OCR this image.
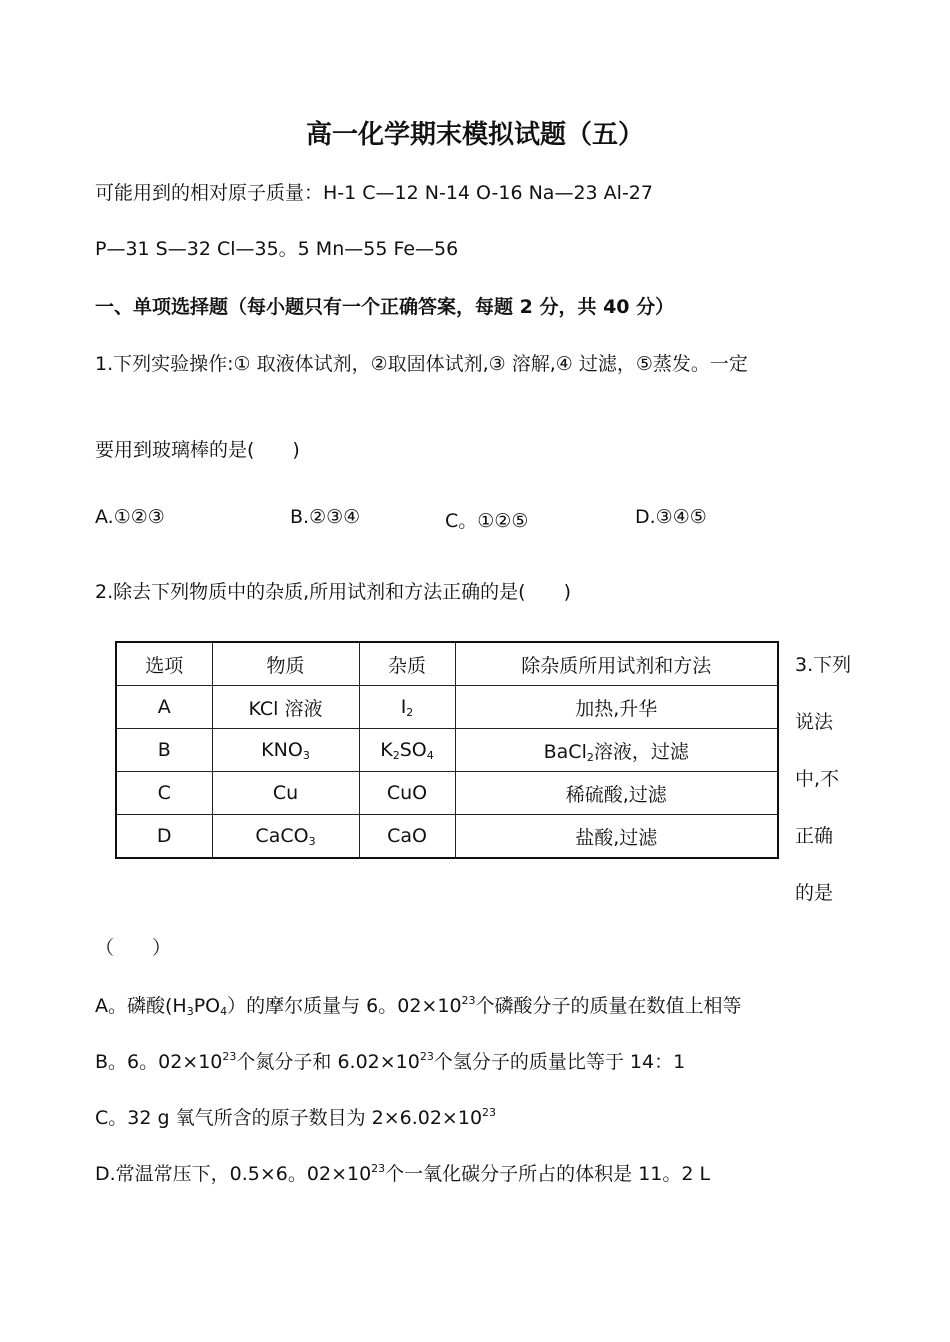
高一化学期末模拟试题（五）
可能用到的相对原子质量：H-1 C—12 N-14 O-16 Na—23 Al-27
P—31 S—32 Cl—35。5 Mn—55 Fe—56
一、单项选择题（每小题只有一个正确答案，每题 2 分，共 40 分）
1.下列实验操作:① 取液体试剂，②取固体试剂,③ 溶解,④ 过滤，⑤蒸发。一定
要用到玻璃棒的是(　　)
A.①②③	B.②③④	C。①②⑤	D.③④⑤
2.除去下列物质中的杂质,所用试剂和方法正确的是(　　)
选项	物质	杂质	除杂质所用试剂和方法
A	KCl 溶液	$I_2$	加热,升华
B	$KNO_3$	$K_2SO_4$	BaCl$_2$溶液，过滤
C	Cu	CuO	稀硫酸,过滤
D	CaCO$_3$	CaO	盐酸,过滤
3.下列
说法
中,不
正确
的是
（　　）
A。磷酸$(H_3PO_4)$的摩尔质量与 6。$02\times 10^{23}$个磷酸分子的质量在数值上相等
B。6。$02\times 10^{23}$个氮分子和 $6.02\times 10^{23}$个氢分子的质量比等于 14：1
C。32 g 氧气所含的原子数目为 $2\times 6.02\times 10^{23}$
D.常温常压下，0.5×6。$02\times 10^{23}$个一氧化碳分子所占的体积是 11。2 L
